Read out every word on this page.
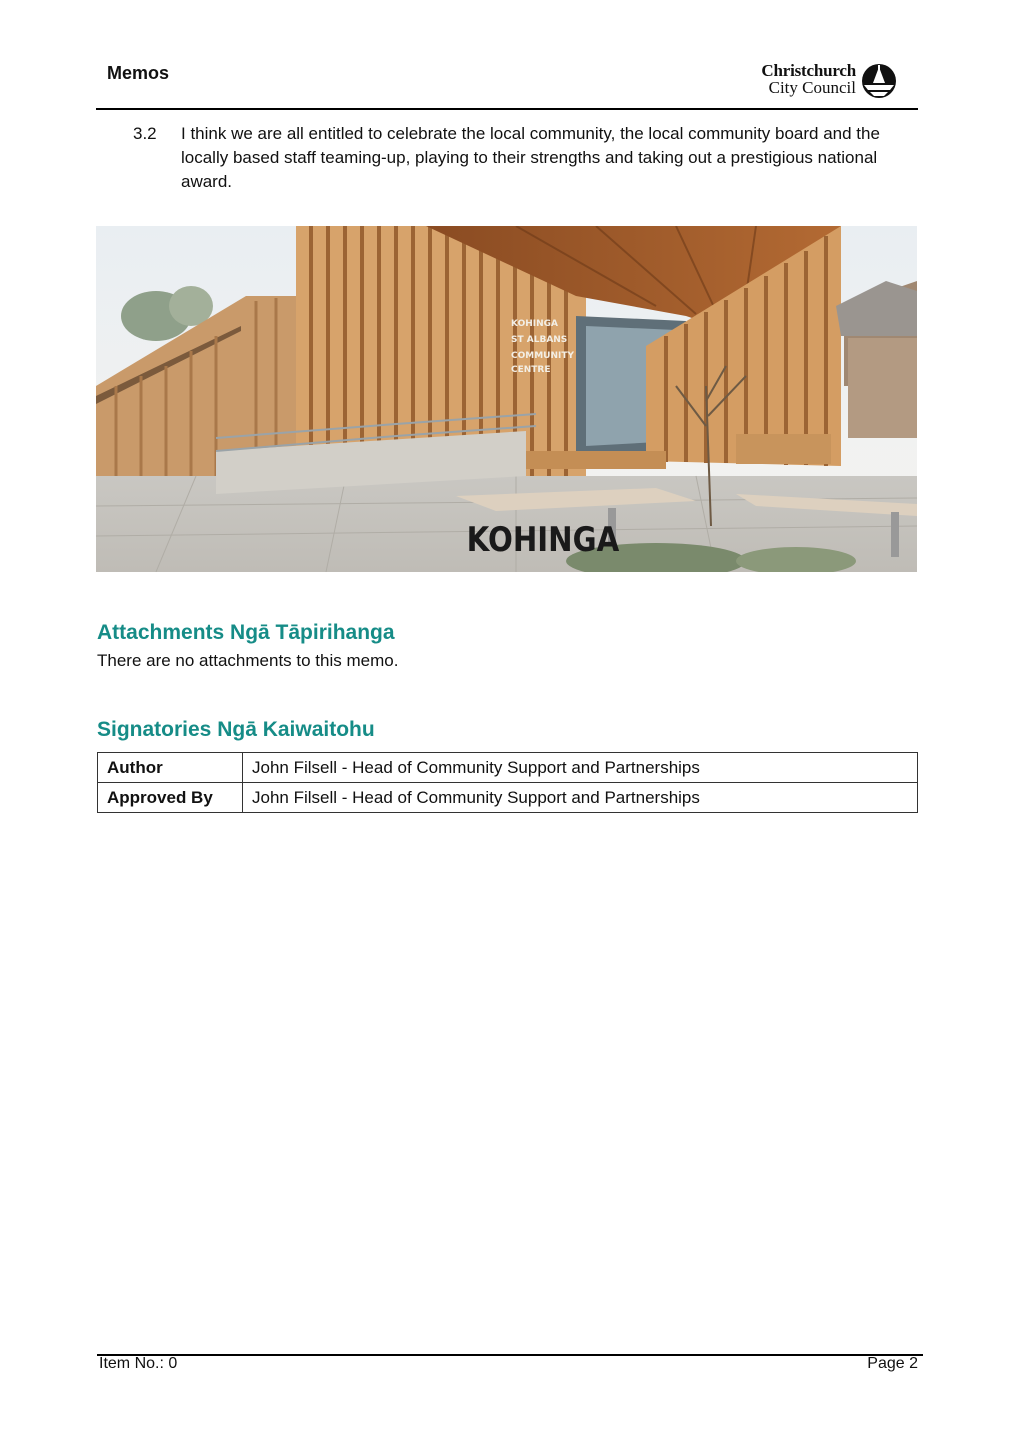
Memos	Christchurch
City Council
3.2 I think we are all entitled to celebrate the local community, the local community board and the locally based staff teaming-up, playing to their strengths and taking out a prestigious national award.
KOHINGA
ST ALBANS
COMMUNITY
CENTRE
KOHINGA
Attachments Ngā Tāpirihanga
There are no attachments to this memo.
Signatories Ngā Kaiwaitohu
Author	John Filsell - Head of Community Support and Partnerships
Approved By	John Filsell - Head of Community Support and Partnerships
Item No.: 0	Page 2
